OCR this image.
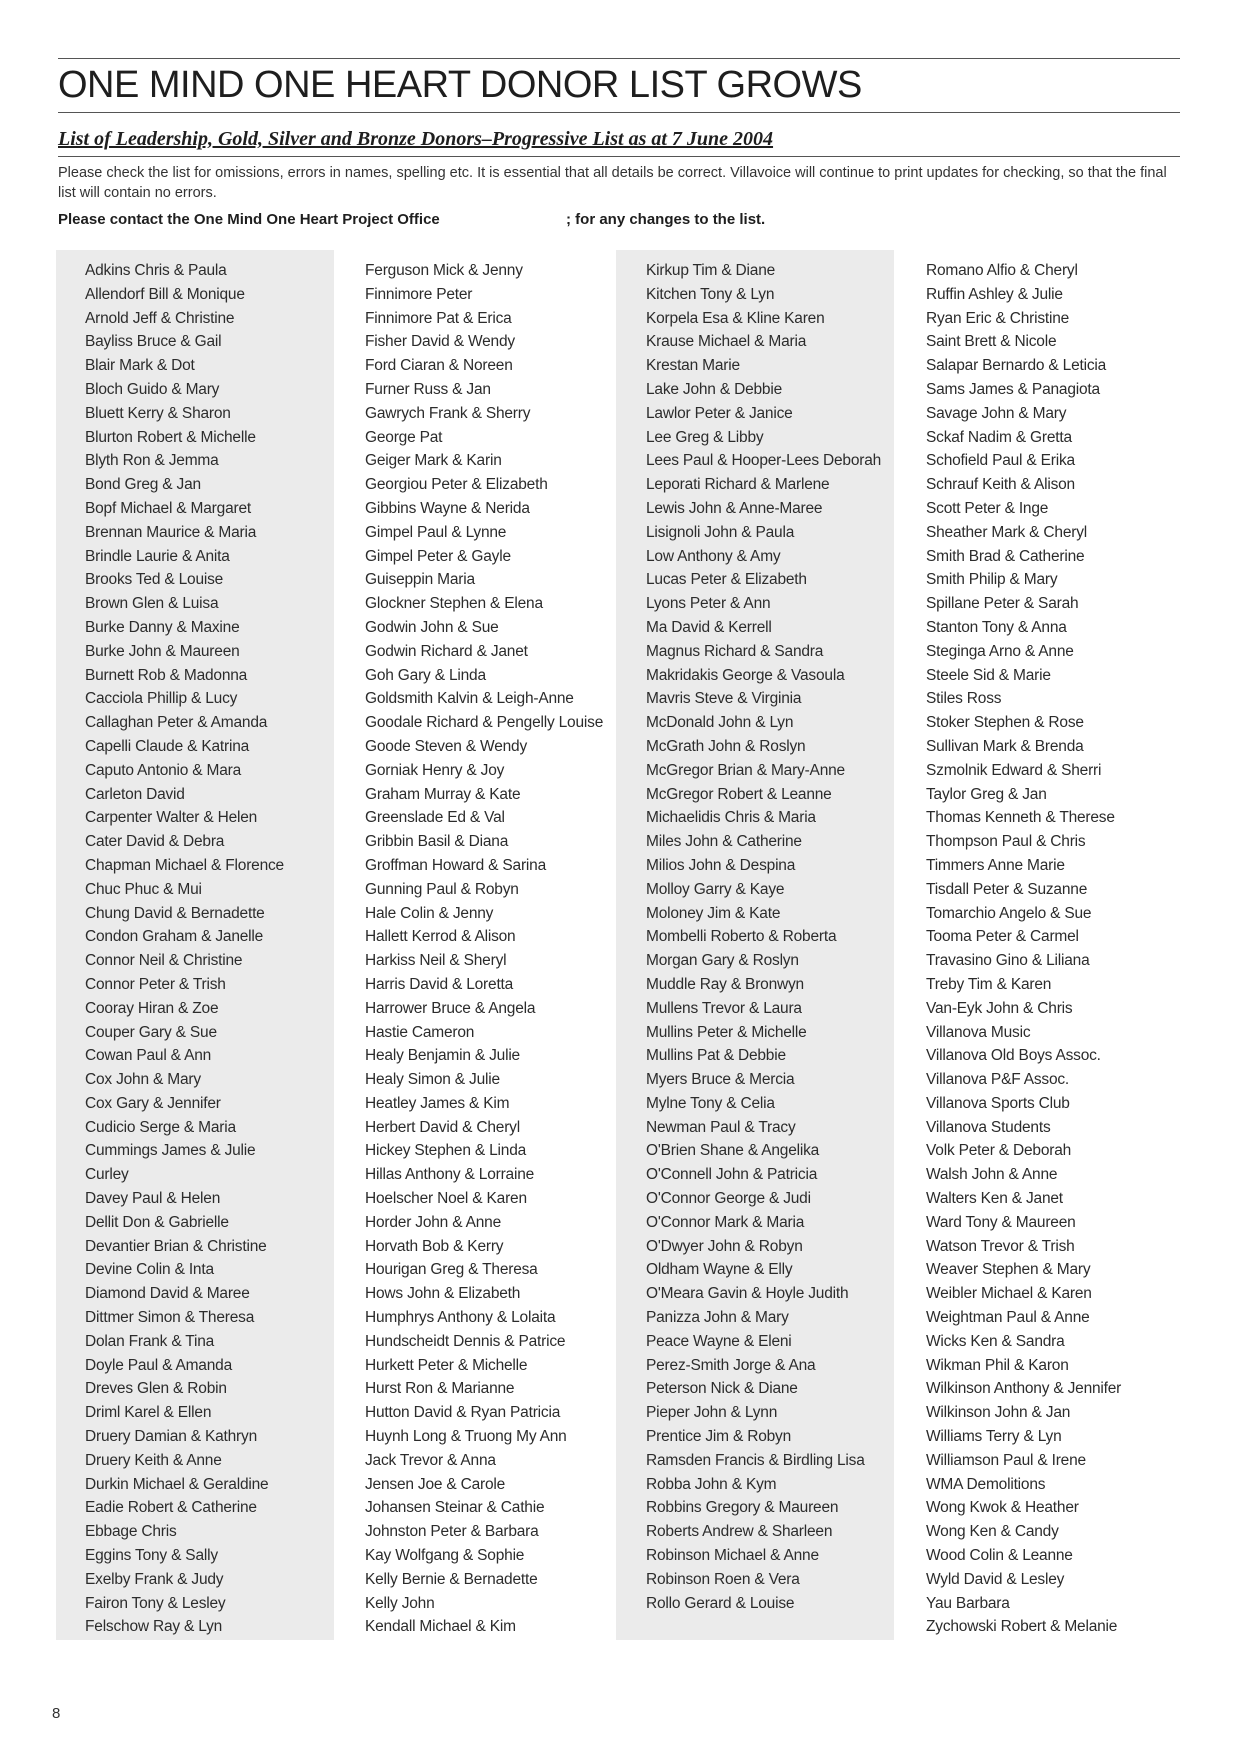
ONE MIND ONE HEART DONOR LIST GROWS
List of Leadership, Gold, Silver and Bronze Donors–Progressive List as at 7 June 2004
Please check the list for omissions, errors in names, spelling etc. It is essential that all details be correct. Villavoice will continue to print updates for checking, so that the final list will contain no errors.
Please contact the One Mind One Heart Project Office	; for any changes to the list.
Adkins Chris & Paula
Allendorf Bill & Monique
Arnold Jeff & Christine
Bayliss Bruce & Gail
Blair Mark & Dot
Bloch Guido & Mary
Bluett Kerry & Sharon
Blurton Robert & Michelle
Blyth Ron & Jemma
Bond Greg & Jan
Bopf Michael & Margaret
Brennan Maurice & Maria
Brindle Laurie & Anita
Brooks Ted & Louise
Brown Glen & Luisa
Burke Danny & Maxine
Burke John & Maureen
Burnett Rob & Madonna
Cacciola Phillip & Lucy
Callaghan Peter & Amanda
Capelli Claude & Katrina
Caputo Antonio & Mara
Carleton David
Carpenter Walter & Helen
Cater David & Debra
Chapman Michael & Florence
Chuc Phuc & Mui
Chung David & Bernadette
Condon Graham & Janelle
Connor Neil & Christine
Connor Peter & Trish
Cooray Hiran & Zoe
Couper Gary & Sue
Cowan Paul & Ann
Cox John & Mary
Cox Gary & Jennifer
Cudicio Serge & Maria
Cummings James & Julie
Curley
Davey Paul & Helen
Dellit Don & Gabrielle
Devantier Brian & Christine
Devine Colin & Inta
Diamond David & Maree
Dittmer Simon & Theresa
Dolan Frank & Tina
Doyle Paul & Amanda
Dreves Glen & Robin
Driml Karel & Ellen
Druery Damian & Kathryn
Druery Keith & Anne
Durkin Michael & Geraldine
Eadie Robert & Catherine
Ebbage Chris
Eggins Tony & Sally
Exelby Frank & Judy
Fairon Tony & Lesley
Felschow Ray & Lyn
Ferguson Mick & Jenny
Finnimore Peter
Finnimore Pat & Erica
Fisher David & Wendy
Ford Ciaran & Noreen
Furner Russ & Jan
Gawrych Frank & Sherry
George Pat
Geiger Mark & Karin
Georgiou Peter & Elizabeth
Gibbins Wayne & Nerida
Gimpel Paul & Lynne
Gimpel Peter & Gayle
Guiseppin Maria
Glockner Stephen & Elena
Godwin John & Sue
Godwin Richard & Janet
Goh Gary & Linda
Goldsmith Kalvin & Leigh-Anne
Goodale Richard & Pengelly Louise
Goode Steven & Wendy
Gorniak Henry & Joy
Graham Murray & Kate
Greenslade Ed & Val
Gribbin Basil & Diana
Groffman Howard & Sarina
Gunning Paul & Robyn
Hale Colin & Jenny
Hallett Kerrod & Alison
Harkiss Neil & Sheryl
Harris David & Loretta
Harrower Bruce & Angela
Hastie Cameron
Healy Benjamin & Julie
Healy Simon & Julie
Heatley James & Kim
Herbert David & Cheryl
Hickey Stephen & Linda
Hillas Anthony & Lorraine
Hoelscher Noel & Karen
Horder John & Anne
Horvath Bob & Kerry
Hourigan Greg & Theresa
Hows John & Elizabeth
Humphrys Anthony & Lolaita
Hundscheidt Dennis & Patrice
Hurkett Peter & Michelle
Hurst Ron & Marianne
Hutton David & Ryan Patricia
Huynh Long & Truong My Ann
Jack Trevor & Anna
Jensen Joe & Carole
Johansen Steinar & Cathie
Johnston Peter & Barbara
Kay Wolfgang & Sophie
Kelly Bernie & Bernadette
Kelly John
Kendall Michael & Kim
Kirkup Tim & Diane
Kitchen Tony & Lyn
Korpela Esa & Kline Karen
Krause Michael & Maria
Krestan Marie
Lake John & Debbie
Lawlor Peter & Janice
Lee Greg & Libby
Lees Paul & Hooper-Lees Deborah
Leporati Richard & Marlene
Lewis John & Anne-Maree
Lisignoli John & Paula
Low Anthony & Amy
Lucas Peter & Elizabeth
Lyons Peter & Ann
Ma David & Kerrell
Magnus Richard & Sandra
Makridakis George & Vasoula
Mavris Steve & Virginia
McDonald John & Lyn
McGrath John & Roslyn
McGregor Brian & Mary-Anne
McGregor Robert & Leanne
Michaelidis Chris & Maria
Miles John & Catherine
Milios John & Despina
Molloy Garry & Kaye
Moloney Jim & Kate
Mombelli Roberto & Roberta
Morgan Gary & Roslyn
Muddle Ray & Bronwyn
Mullens Trevor & Laura
Mullins Peter & Michelle
Mullins Pat & Debbie
Myers Bruce & Mercia
Mylne Tony & Celia
Newman Paul & Tracy
O'Brien Shane & Angelika
O'Connell John & Patricia
O'Connor George & Judi
O'Connor Mark & Maria
O'Dwyer John & Robyn
Oldham Wayne & Elly
O'Meara Gavin & Hoyle Judith
Panizza John & Mary
Peace Wayne & Eleni
Perez-Smith Jorge & Ana
Peterson Nick & Diane
Pieper John & Lynn
Prentice Jim & Robyn
Ramsden Francis & Birdling Lisa
Robba John & Kym
Robbins Gregory & Maureen
Roberts Andrew & Sharleen
Robinson Michael & Anne
Robinson Roen & Vera
Rollo Gerard & Louise
Romano Alfio & Cheryl
Ruffin Ashley & Julie
Ryan Eric & Christine
Saint Brett & Nicole
Salapar Bernardo & Leticia
Sams James & Panagiota
Savage John & Mary
Sckaf Nadim & Gretta
Schofield Paul & Erika
Schrauf Keith & Alison
Scott Peter & Inge
Sheather Mark & Cheryl
Smith Brad & Catherine
Smith Philip & Mary
Spillane Peter & Sarah
Stanton Tony & Anna
Steginga Arno & Anne
Steele Sid & Marie
Stiles Ross
Stoker Stephen & Rose
Sullivan Mark & Brenda
Szmolnik Edward & Sherri
Taylor Greg & Jan
Thomas Kenneth & Therese
Thompson Paul & Chris
Timmers Anne Marie
Tisdall Peter & Suzanne
Tomarchio Angelo & Sue
Tooma Peter & Carmel
Travasino Gino & Liliana
Treby Tim & Karen
Van-Eyk John & Chris
Villanova Music
Villanova Old Boys Assoc.
Villanova P&F Assoc.
Villanova Sports Club
Villanova Students
Volk Peter & Deborah
Walsh John & Anne
Walters Ken & Janet
Ward Tony & Maureen
Watson Trevor & Trish
Weaver Stephen & Mary
Weibler Michael & Karen
Weightman Paul & Anne
Wicks Ken & Sandra
Wikman Phil & Karon
Wilkinson Anthony & Jennifer
Wilkinson John & Jan
Williams Terry & Lyn
Williamson Paul & Irene
WMA Demolitions
Wong Kwok & Heather
Wong Ken & Candy
Wood Colin & Leanne
Wyld David & Lesley
Yau Barbara
Zychowski Robert & Melanie
8
